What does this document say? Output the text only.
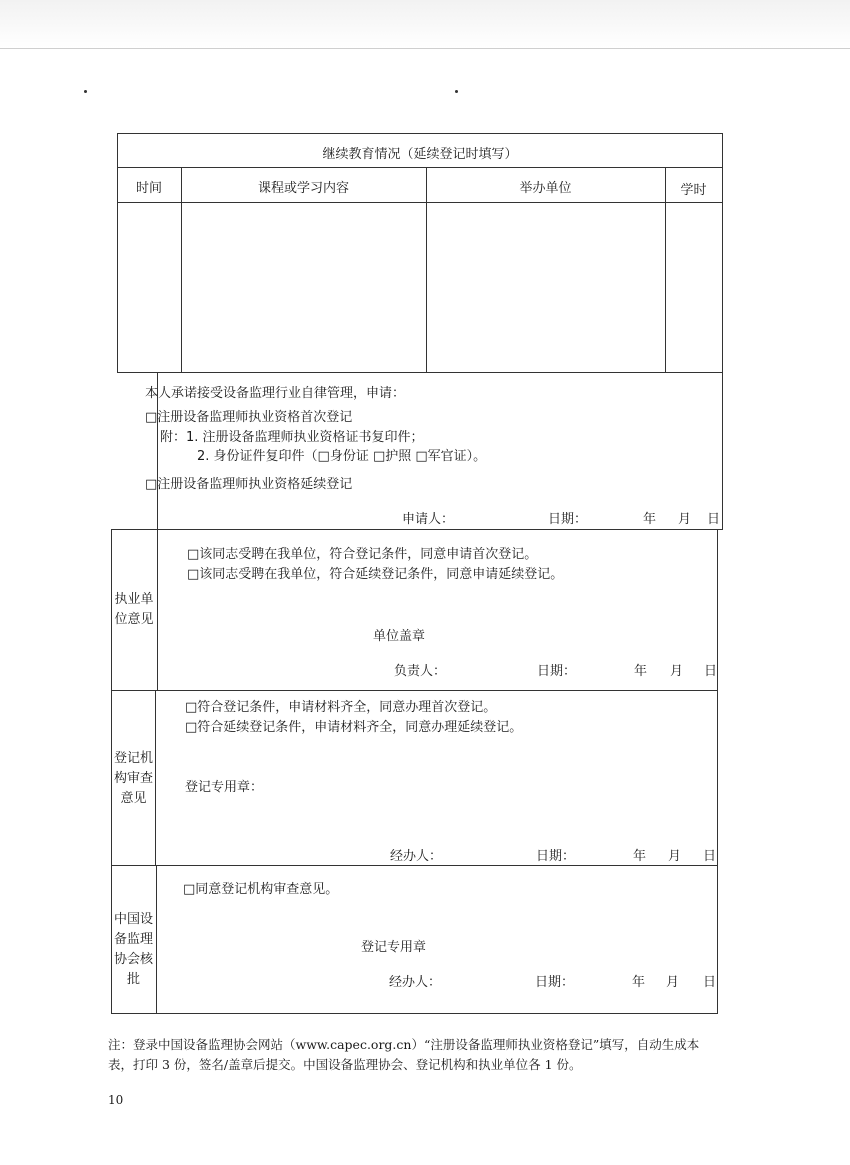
继续教育情况（延续登记时填写）
时间	课程或学习内容	举办单位	学时
本人承诺接受设备监理行业自律管理，申请：
□注册设备监理师执业资格首次登记
附：1. 注册设备监理师执业资格证书复印件；
2. 身份证件复印件（□身份证 □护照 □军官证）。
□注册设备监理师执业资格延续登记
申请人：	日期：	年 月 日
执业单位意见
□该同志受聘在我单位，符合登记条件，同意申请首次登记。
□该同志受聘在我单位，符合延续登记条件，同意申请延续登记。
单位盖章
负责人：	日期：	年 月 日
登记机构审查意见
□符合登记条件，申请材料齐全，同意办理首次登记。
□符合延续登记条件，申请材料齐全，同意办理延续登记。
登记专用章：
经办人：	日期：	年 月 日
中国设备监理协会核批
□同意登记机构审查意见。
登记专用章
经办人：	日期：	年 月 日
注：登录中国设备监理协会网站（www.capec.org.cn）“注册设备监理师执业资格登记”填写，自动生成本表，打印 3 份，签名/盖章后提交。中国设备监理协会、登记机构和执业单位各 1 份。
10
